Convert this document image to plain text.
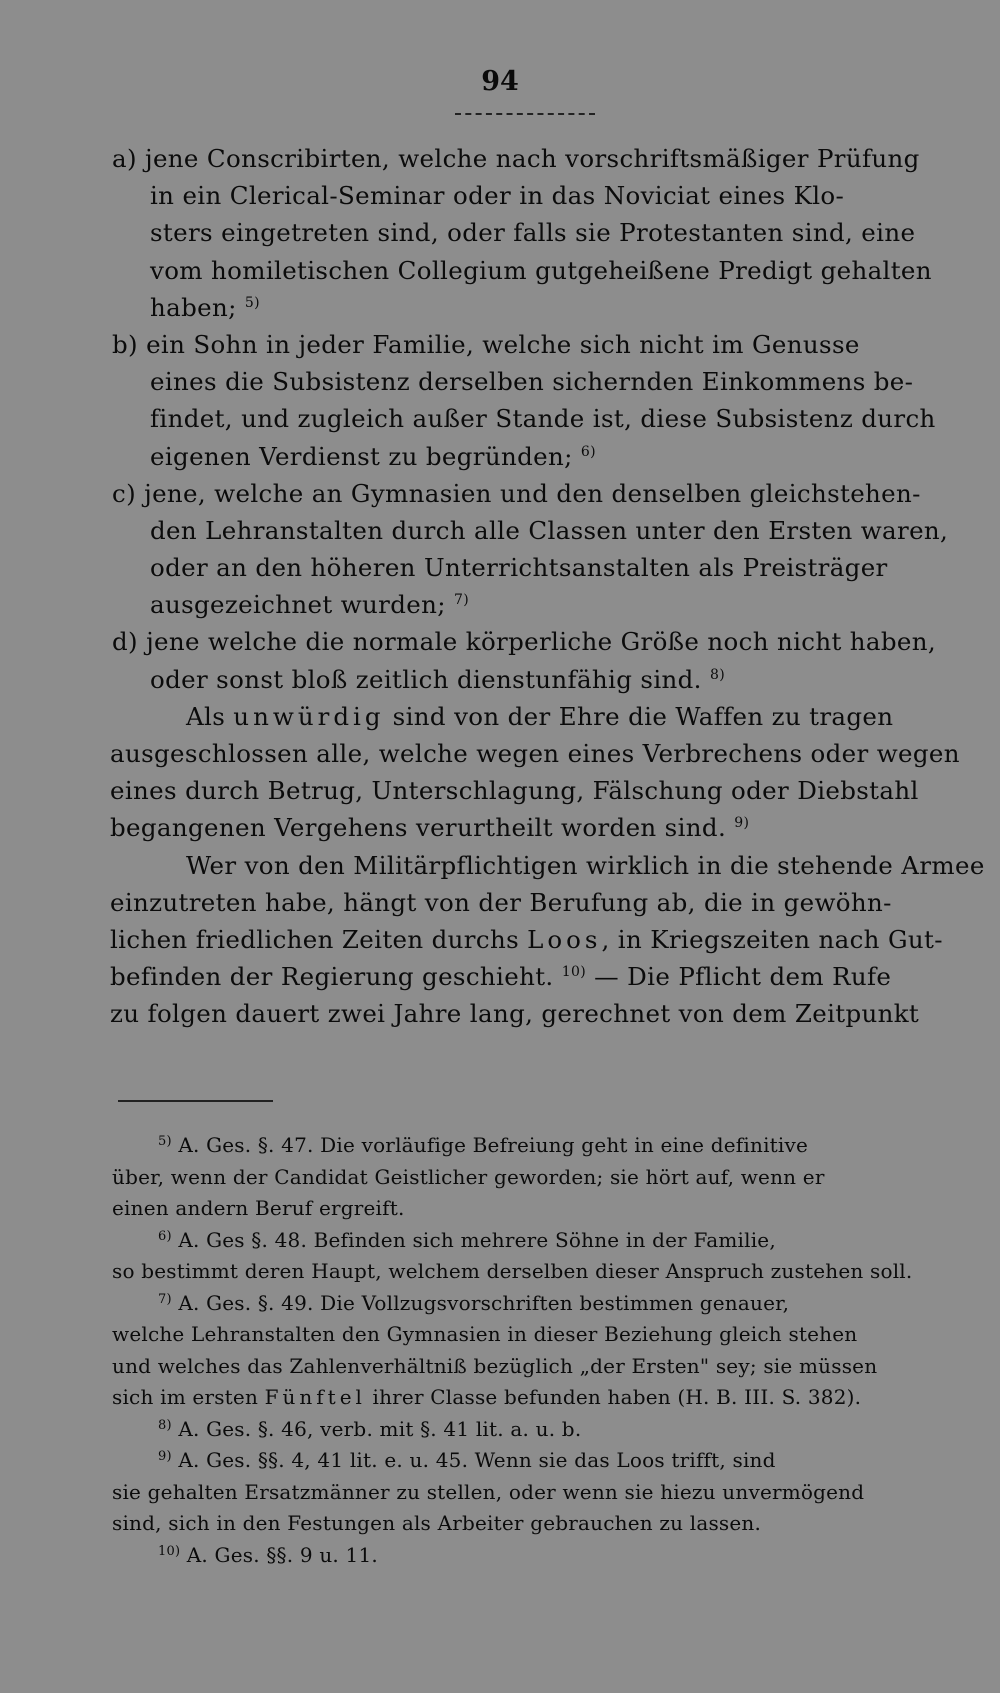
94
a) jene Conscribirten, welche nach vorschriftsmäßiger Prüfung
in ein Clerical-Seminar oder in das Noviciat eines Klo-
sters eingetreten sind, oder falls sie Protestanten sind, eine
vom homiletischen Collegium gutgeheißene Predigt gehalten
haben; $^{5)}$
b) ein Sohn in jeder Familie, welche sich nicht im Genusse
eines die Subsistenz derselben sichernden Einkommens be-
findet, und zugleich außer Stande ist, diese Subsistenz durch
eigenen Verdienst zu begründen; $^{6)}$
c) jene, welche an Gymnasien und den denselben gleichstehen-
den Lehranstalten durch alle Classen unter den Ersten waren,
oder an den höheren Unterrichtsanstalten als Preisträger
ausgezeichnet wurden; $^{7)}$
d) jene welche die normale körperliche Größe noch nicht haben,
oder sonst bloß zeitlich dienstunfähig sind. $^{8)}$
Als unwürdig sind von der Ehre die Waffen zu tragen
ausgeschlossen alle, welche wegen eines Verbrechens oder wegen
eines durch Betrug, Unterschlagung, Fälschung oder Diebstahl
begangenen Vergehens verurtheilt worden sind. $^{9)}$
Wer von den Militärpflichtigen wirklich in die stehende Armee
einzutreten habe, hängt von der Berufung ab, die in gewöhn-
lichen friedlichen Zeiten durchs Loos, in Kriegszeiten nach Gut-
befinden der Regierung geschieht. $^{10)}$ — Die Pflicht dem Rufe
zu folgen dauert zwei Jahre lang, gerechnet von dem Zeitpunkt
$^{5)}$ A. Ges. §. 47. Die vorläufige Befreiung geht in eine definitive
über, wenn der Candidat Geistlicher geworden; sie hört auf, wenn er
einen andern Beruf ergreift.
$^{6)}$ A. Ges §. 48. Befinden sich mehrere Söhne in der Familie,
so bestimmt deren Haupt, welchem derselben dieser Anspruch zustehen soll.
$^{7)}$ A. Ges. §. 49. Die Vollzugsvorschriften bestimmen genauer,
welche Lehranstalten den Gymnasien in dieser Beziehung gleich stehen
und welches das Zahlenverhältniß bezüglich „der Ersten" sey; sie müssen
sich im ersten Fünftel ihrer Classe befunden haben (H. B. III. S. 382).
$^{8)}$ A. Ges. §. 46, verb. mit §. 41 lit. a. u. b.
$^{9)}$ A. Ges. §§. 4, 41 lit. e. u. 45. Wenn sie das Loos trifft, sind
sie gehalten Ersatzmänner zu stellen, oder wenn sie hiezu unvermögend
sind, sich in den Festungen als Arbeiter gebrauchen zu lassen.
$^{10)}$ A. Ges. §§. 9 u. 11.
